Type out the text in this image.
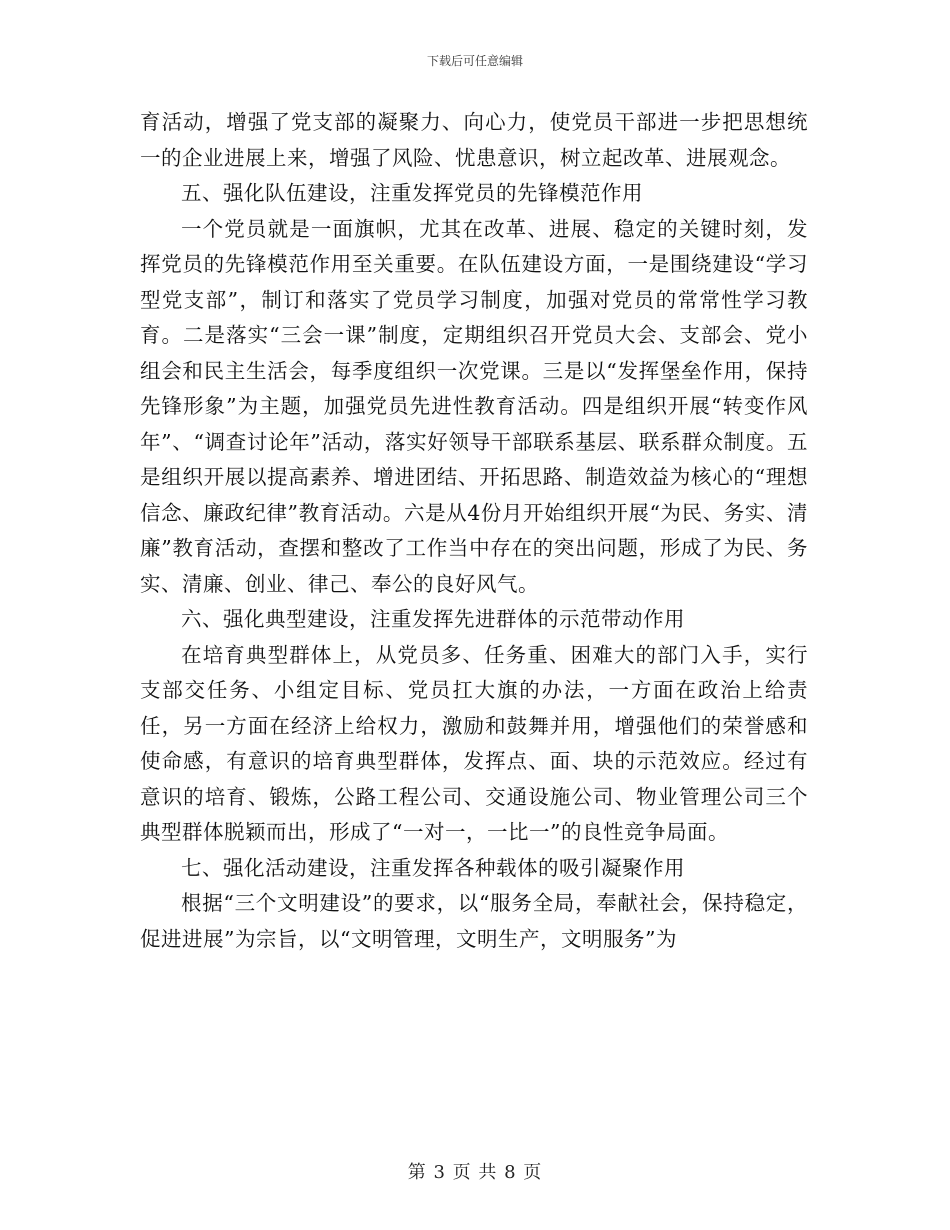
下载后可任意编辑

育活动，增强了党支部的凝聚力、向心力，使党员干部进一步把思想统一的企业进展上来，增强了风险、忧患意识，树立起改革、进展观念。

五、强化队伍建设，注重发挥党员的先锋模范作用

一个党员就是一面旗帜，尤其在改革、进展、稳定的关键时刻，发挥党员的先锋模范作用至关重要。在队伍建设方面，一是围绕建设“学习型党支部”，制订和落实了党员学习制度，加强对党员的常常性学习教育。二是落实“三会一课”制度，定期组织召开党员大会、支部会、党小组会和民主生活会，每季度组织一次党课。三是以“发挥堡垒作用，保持先锋形象”为主题，加强党员先进性教育活动。四是组织开展“转变作风年”、“调查讨论年”活动，落实好领导干部联系基层、联系群众制度。五是组织开展以提高素养、增进团结、开拓思路、制造效益为核心的“理想信念、廉政纪律”教育活动。六是从4份月开始组织开展“为民、务实、清廉”教育活动，查摆和整改了工作当中存在的突出问题，形成了为民、务实、清廉、创业、律己、奉公的良好风气。

六、强化典型建设，注重发挥先进群体的示范带动作用

在培育典型群体上，从党员多、任务重、困难大的部门入手，实行支部交任务、小组定目标、党员扛大旗的办法，一方面在政治上给责任，另一方面在经济上给权力，激励和鼓舞并用，增强他们的荣誉感和使命感，有意识的培育典型群体，发挥点、面、块的示范效应。经过有意识的培育、锻炼，公路工程公司、交通设施公司、物业管理公司三个典型群体脱颖而出，形成了“一对一，一比一”的良性竞争局面。

七、强化活动建设，注重发挥各种载体的吸引凝聚作用

根据“三个文明建设”的要求，以“服务全局，奉献社会，保持稳定，促进进展”为宗旨，以“文明管理，文明生产，文明服务”为

第 3 页 共 8 页
